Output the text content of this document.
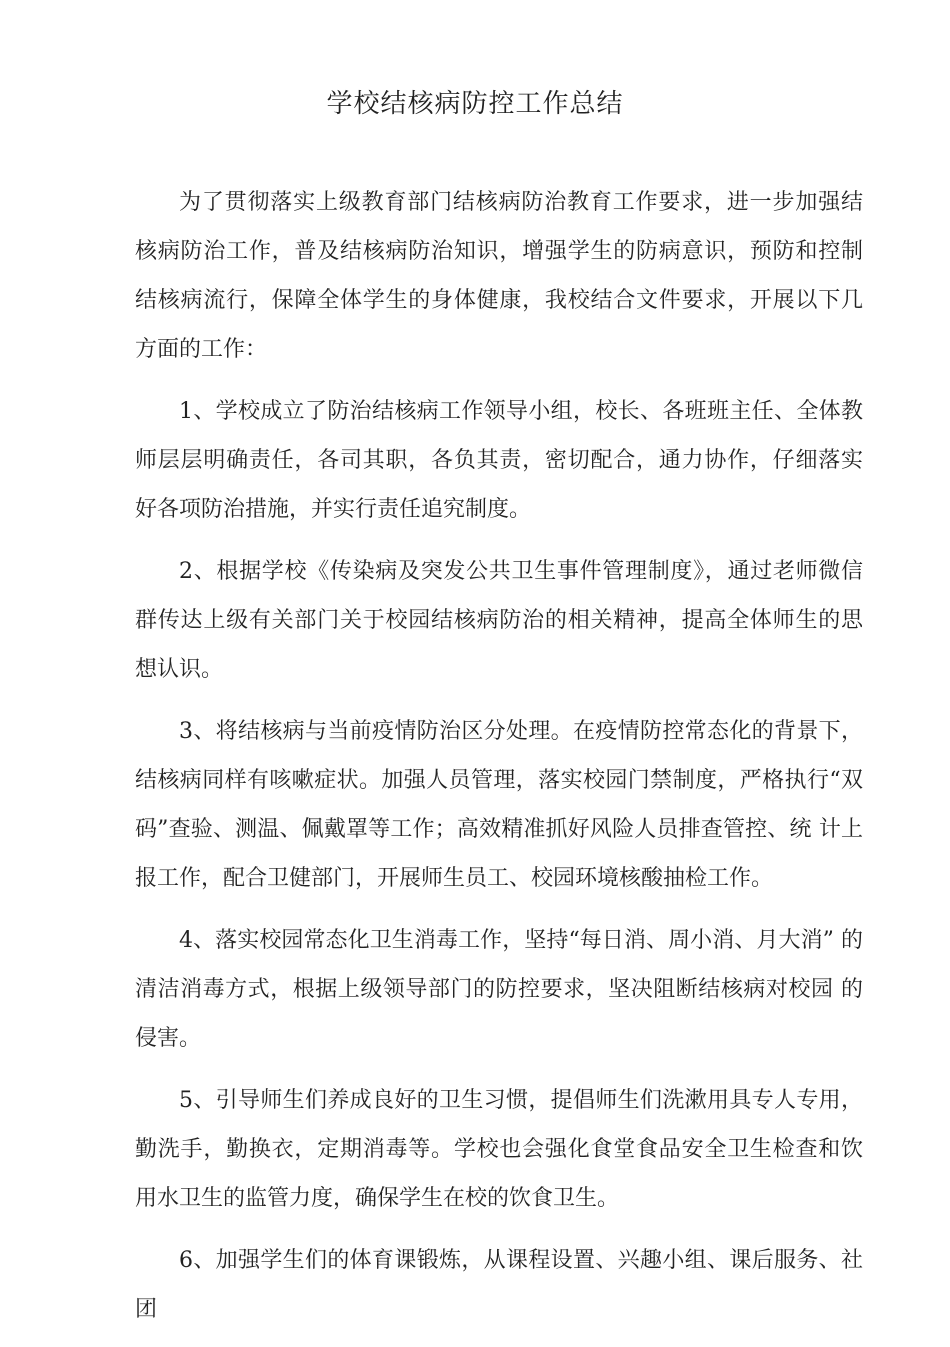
学校结核病防控工作总结

为了贯彻落实上级教育部门结核病防治教育工作要求，进一步加强结 核病防治工作，普及结核病防治知识，增强学生的防病意识，预防和控制 结核病流行，保障全体学生的身体健康，我校结合文件要求，开展以下几 方面的工作：

1、学校成立了防治结核病工作领导小组，校长、各班班主任、全体教 师层层明确责任，各司其职，各负其责，密切配合，通力协作，仔细落实 好各项防治措施，并实行责任追究制度。

2、根据学校《传染病及突发公共卫生事件管理制度》，通过老师微信 群传达上级有关部门关于校园结核病防治的相关精神，提高全体师生的思 想认识。

3、将结核病与当前疫情防治区分处理。在疫情防控常态化的背景下， 结核病同样有咳嗽症状。加强人员管理，落实校园门禁制度，严格执行“双码”查验、测温、佩戴罩等工作；高效精准抓好风险人员排查管控、统 计上报工作，配合卫健部门，开展师生员工、校园环境核酸抽检工作。

4、落实校园常态化卫生消毒工作，坚持“每日消、周小消、月大消” 的清洁消毒方式，根据上级领导部门的防控要求，坚决阻断结核病对校园 的侵害。

5、引导师生们养成良好的卫生习惯，提倡师生们洗漱用具专人专用， 勤洗手，勤换衣，定期消毒等。学校也会强化食堂食品安全卫生检查和饮 用水卫生的监管力度，确保学生在校的饮食卫生。

6、加强学生们的体育课锻炼，从课程设置、兴趣小组、课后服务、社 团
